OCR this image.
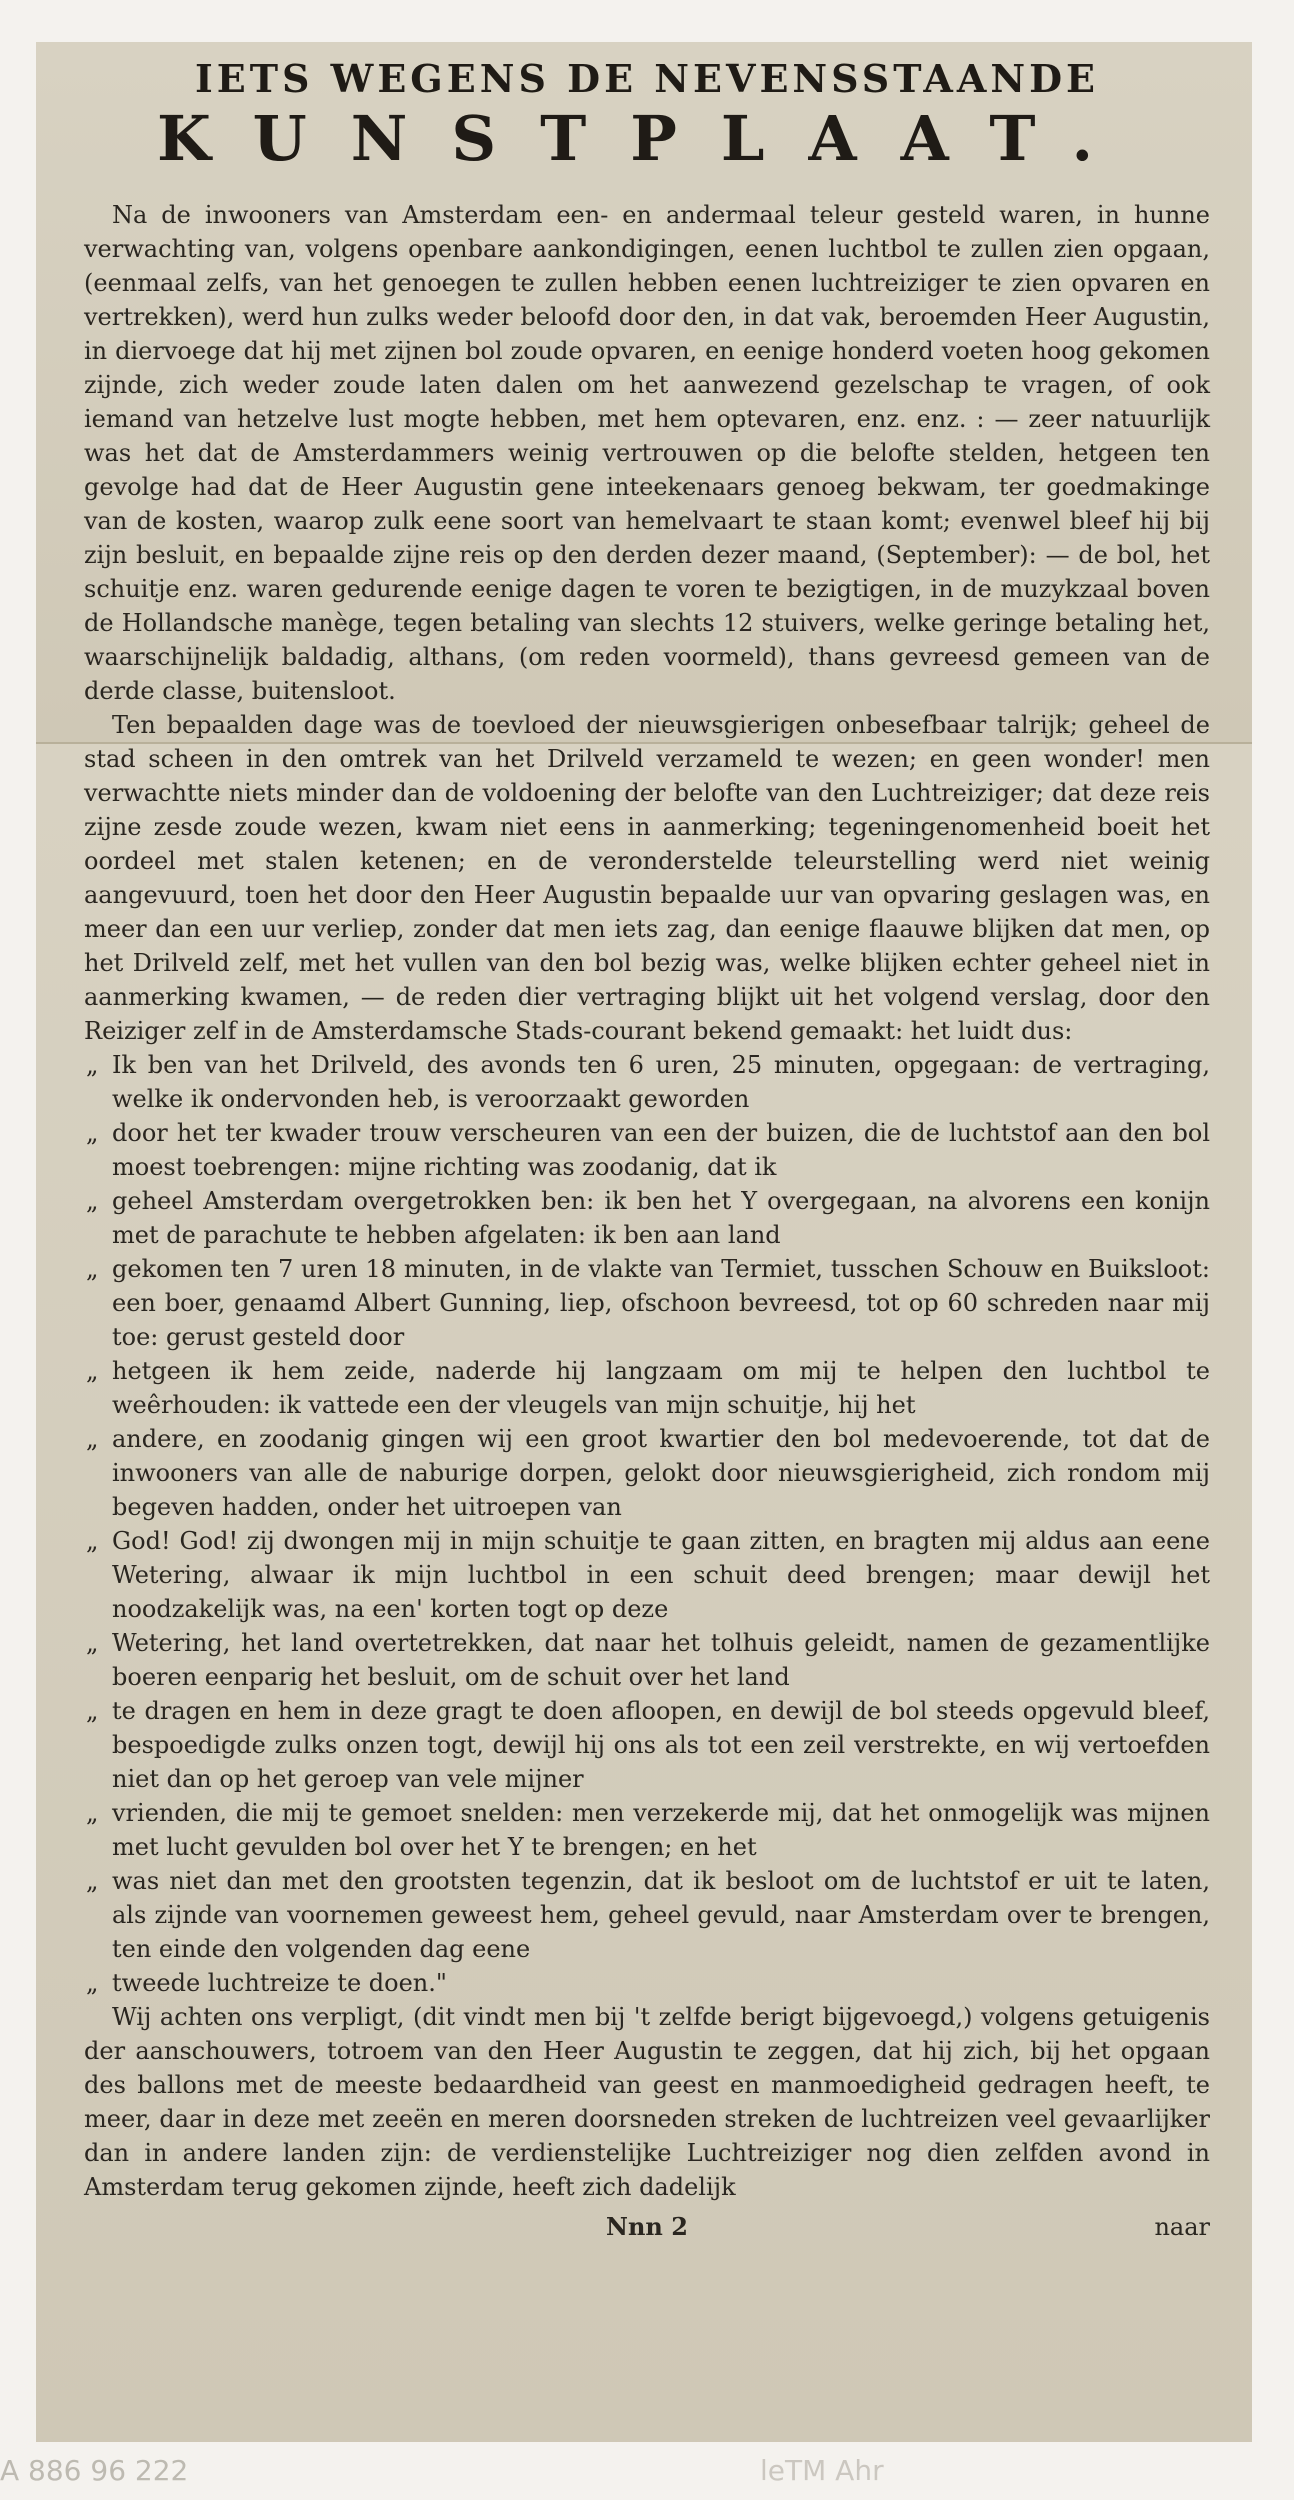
IETS WEGENS DE NEVENSSTAANDE
KUNSTPLAAT.

Na de inwooners van Amsterdam een- en andermaal teleur gesteld waren, in hunne verwachting van, volgens openbare aankondigingen, eenen luchtbol te zullen zien opgaan, (eenmaal zelfs, van het genoegen te zullen hebben eenen luchtreiziger te zien opvaren en vertrekken), werd hun zulks weder beloofd door den, in dat vak, beroemden Heer Augustin, in diervoege dat hij met zijnen bol zoude opvaren, en eenige honderd voeten hoog gekomen zijnde, zich weder zoude laten dalen om het aanwezend gezelschap te vragen, of ook iemand van hetzelve lust mogte hebben, met hem optevaren, enz. enz. : — zeer natuurlijk was het dat de Amsterdammers weinig vertrouwen op die belofte stelden, hetgeen ten gevolge had dat de Heer Augustin gene inteekenaars genoeg bekwam, ter goedmakinge van de kosten, waarop zulk eene soort van hemelvaart te staan komt; evenwel bleef hij bij zijn besluit, en bepaalde zijne reis op den derden dezer maand, (September): — de bol, het schuitje enz. waren gedurende eenige dagen te voren te bezigtigen, in de muzykzaal boven de Hollandsche manège, tegen betaling van slechts 12 stuivers, welke geringe betaling het, waarschijnelijk baldadig, althans, (om reden voormeld), thans gevreesd gemeen van de derde classe, buitensloot.

Ten bepaalden dage was de toevloed der nieuwsgierigen onbesefbaar talrijk; geheel de stad scheen in den omtrek van het Drilveld verzameld te wezen; en geen wonder! men verwachtte niets minder dan de voldoening der belofte van den Luchtreiziger; dat deze reis zijne zesde zoude wezen, kwam niet eens in aanmerking; tegeningenomenheid boeit het oordeel met stalen ketenen; en de veronderstelde teleurstelling werd niet weinig aangevuurd, toen het door den Heer Augustin bepaalde uur van opvaring geslagen was, en meer dan een uur verliep, zonder dat men iets zag, dan eenige flaauwe blijken dat men, op het Drilveld zelf, met het vullen van den bol bezig was, welke blijken echter geheel niet in aanmerking kwamen, — de reden dier vertraging blijkt uit het volgend verslag, door den Reiziger zelf in de Amsterdamsche Stads-courant bekend gemaakt: het luidt dus:

„ Ik ben van het Drilveld, des avonds ten 6 uren, 25 minuten, opgegaan: de vertraging, welke ik ondervonden heb, is veroorzaakt geworden
„ door het ter kwader trouw verscheuren van een der buizen, die de luchtstof aan den bol moest toebrengen: mijne richting was zoodanig, dat ik
„ geheel Amsterdam overgetrokken ben: ik ben het Y overgegaan, na alvorens een konijn met de parachute te hebben afgelaten: ik ben aan land
„ gekomen ten 7 uren 18 minuten, in de vlakte van Termiet, tusschen Schouw en Buiksloot: een boer, genaamd Albert Gunning, liep, ofschoon bevreesd, tot op 60 schreden naar mij toe: gerust gesteld door
„ hetgeen ik hem zeide, naderde hij langzaam om mij te helpen den luchtbol te weêrhouden: ik vattede een der vleugels van mijn schuitje, hij het
„ andere, en zoodanig gingen wij een groot kwartier den bol medevoerende, tot dat de inwooners van alle de naburige dorpen, gelokt door nieuwsgierigheid, zich rondom mij begeven hadden, onder het uitroepen van
„ God! God! zij dwongen mij in mijn schuitje te gaan zitten, en bragten mij aldus aan eene Wetering, alwaar ik mijn luchtbol in een schuit deed brengen; maar dewijl het noodzakelijk was, na een' korten togt op deze
„ Wetering, het land overtetrekken, dat naar het tolhuis geleidt, namen de gezamentlijke boeren eenparig het besluit, om de schuit over het land
„ te dragen en hem in deze gragt te doen afloopen, en dewijl de bol steeds opgevuld bleef, bespoedigde zulks onzen togt, dewijl hij ons als tot een zeil verstrekte, en wij vertoefden niet dan op het geroep van vele mijner
„ vrienden, die mij te gemoet snelden: men verzekerde mij, dat het onmogelijk was mijnen met lucht gevulden bol over het Y te brengen; en het
„ was niet dan met den grootsten tegenzin, dat ik besloot om de luchtstof er uit te laten, als zijnde van voornemen geweest hem, geheel gevuld, naar Amsterdam over te brengen, ten einde den volgenden dag eene
„ tweede luchtreize te doen."

Wij achten ons verpligt, (dit vindt men bij 't zelfde berigt bijgevoegd,) volgens getuigenis der aanschouwers, totroem van den Heer Augustin te zeggen, dat hij zich, bij het opgaan des ballons met de meeste bedaardheid van geest en manmoedigheid gedragen heeft, te meer, daar in deze met zeeën en meren doorsneden streken de luchtreizen veel gevaarlijker dan in andere landen zijn: de verdienstelijke Luchtreiziger nog dien zelfden avond in Amsterdam terug gekomen zijnde, heeft zich dadelijk

Nnn 2	naar
A 886 96 222	leTM Ahr
